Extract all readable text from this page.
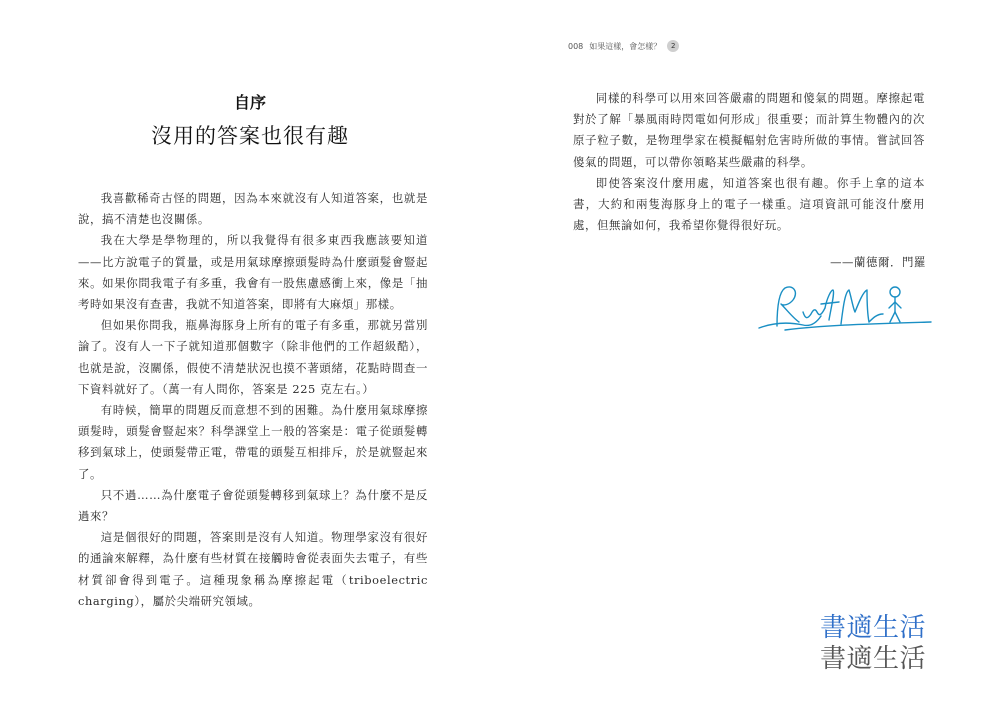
自序
沒用的答案也很有趣

我喜歡稀奇古怪的問題，因為本來就沒有人知道答案，也就是說，搞不清楚也沒關係。

我在大學是學物理的，所以我覺得有很多東西我應該要知道——比方說電子的質量，或是用氣球摩擦頭髮時為什麼頭髮會豎起來。如果你問我電子有多重，我會有一股焦慮感衝上來，像是「抽考時如果沒有查書，我就不知道答案，即將有大麻煩」那樣。

但如果你問我，瓶鼻海豚身上所有的電子有多重，那就另當別論了。沒有人一下子就知道那個數字（除非他們的工作超級酷），也就是說，沒關係，假使不清楚狀況也摸不著頭緒，花點時間查一下資料就好了。（萬一有人問你，答案是 225 克左右。）

有時候，簡單的問題反而意想不到的困難。為什麼用氣球摩擦頭髮時，頭髮會豎起來？科學課堂上一般的答案是：電子從頭髮轉移到氣球上，使頭髮帶正電，帶電的頭髮互相排斥，於是就豎起來了。

只不過……為什麼電子會從頭髮轉移到氣球上？為什麼不是反過來？

這是個很好的問題，答案則是沒有人知道。物理學家沒有很好的通論來解釋，為什麼有些材質在接觸時會從表面失去電子，有些材質卻會得到電子。這種現象稱為摩擦起電（triboelectric charging），屬於尖端研究領域。

008 如果這樣，會怎樣？	2

同樣的科學可以用來回答嚴肅的問題和傻氣的問題。摩擦起電對於了解「暴風雨時閃電如何形成」很重要；而計算生物體內的次原子粒子數，是物理學家在模擬輻射危害時所做的事情。嘗試回答傻氣的問題，可以帶你領略某些嚴肅的科學。

即使答案沒什麼用處，知道答案也很有趣。你手上拿的這本書，大約和兩隻海豚身上的電子一樣重。這項資訊可能沒什麼用處，但無論如何，我希望你覺得很好玩。

——蘭德爾．門羅
書適生活
書適生活
